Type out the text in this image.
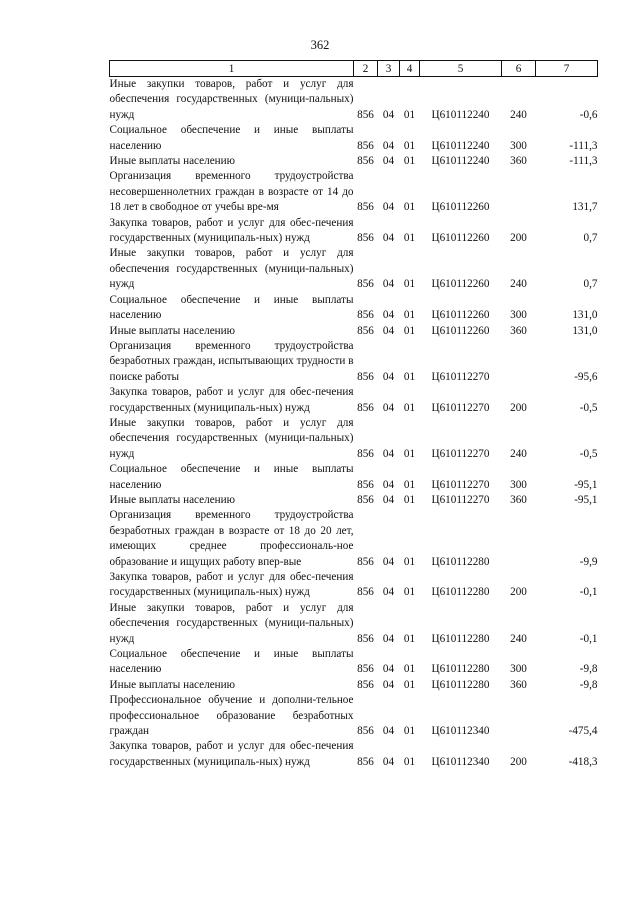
362
1	2	3	4	5	6	7
Иные закупки товаров, работ и услуг для обеспечения государственных (муници-пальных) нужд	856	04	01	Ц610112240	240	-0,6
Социальное обеспечение и иные выплаты населению	856	04	01	Ц610112240	300	-111,3
Иные выплаты населению	856	04	01	Ц610112240	360	-111,3
Организация временного трудоустройства несовершеннолетних граждан в возрасте от 14 до 18 лет в свободное от учебы вре-мя	856	04	01	Ц610112260		131,7
Закупка товаров, работ и услуг для обес-печения государственных (муниципаль-ных) нужд	856	04	01	Ц610112260	200	0,7
Иные закупки товаров, работ и услуг для обеспечения государственных (муници-пальных) нужд	856	04	01	Ц610112260	240	0,7
Социальное обеспечение и иные выплаты населению	856	04	01	Ц610112260	300	131,0
Иные выплаты населению	856	04	01	Ц610112260	360	131,0
Организация временного трудоустройства безработных граждан, испытывающих трудности в поиске работы	856	04	01	Ц610112270		-95,6
Закупка товаров, работ и услуг для обес-печения государственных (муниципаль-ных) нужд	856	04	01	Ц610112270	200	-0,5
Иные закупки товаров, работ и услуг для обеспечения государственных (муници-пальных) нужд	856	04	01	Ц610112270	240	-0,5
Социальное обеспечение и иные выплаты населению	856	04	01	Ц610112270	300	-95,1
Иные выплаты населению	856	04	01	Ц610112270	360	-95,1
Организация временного трудоустройства безработных граждан в возрасте от 18 до 20 лет, имеющих среднее профессиональ-ное образование и ищущих работу впер-вые	856	04	01	Ц610112280		-9,9
Закупка товаров, работ и услуг для обес-печения государственных (муниципаль-ных) нужд	856	04	01	Ц610112280	200	-0,1
Иные закупки товаров, работ и услуг для обеспечения государственных (муници-пальных) нужд	856	04	01	Ц610112280	240	-0,1
Социальное обеспечение и иные выплаты населению	856	04	01	Ц610112280	300	-9,8
Иные выплаты населению	856	04	01	Ц610112280	360	-9,8
Профессиональное обучение и дополни-тельное профессиональное образование безработных граждан	856	04	01	Ц610112340		-475,4
Закупка товаров, работ и услуг для обес-печения государственных (муниципаль-ных) нужд	856	04	01	Ц610112340	200	-418,3
